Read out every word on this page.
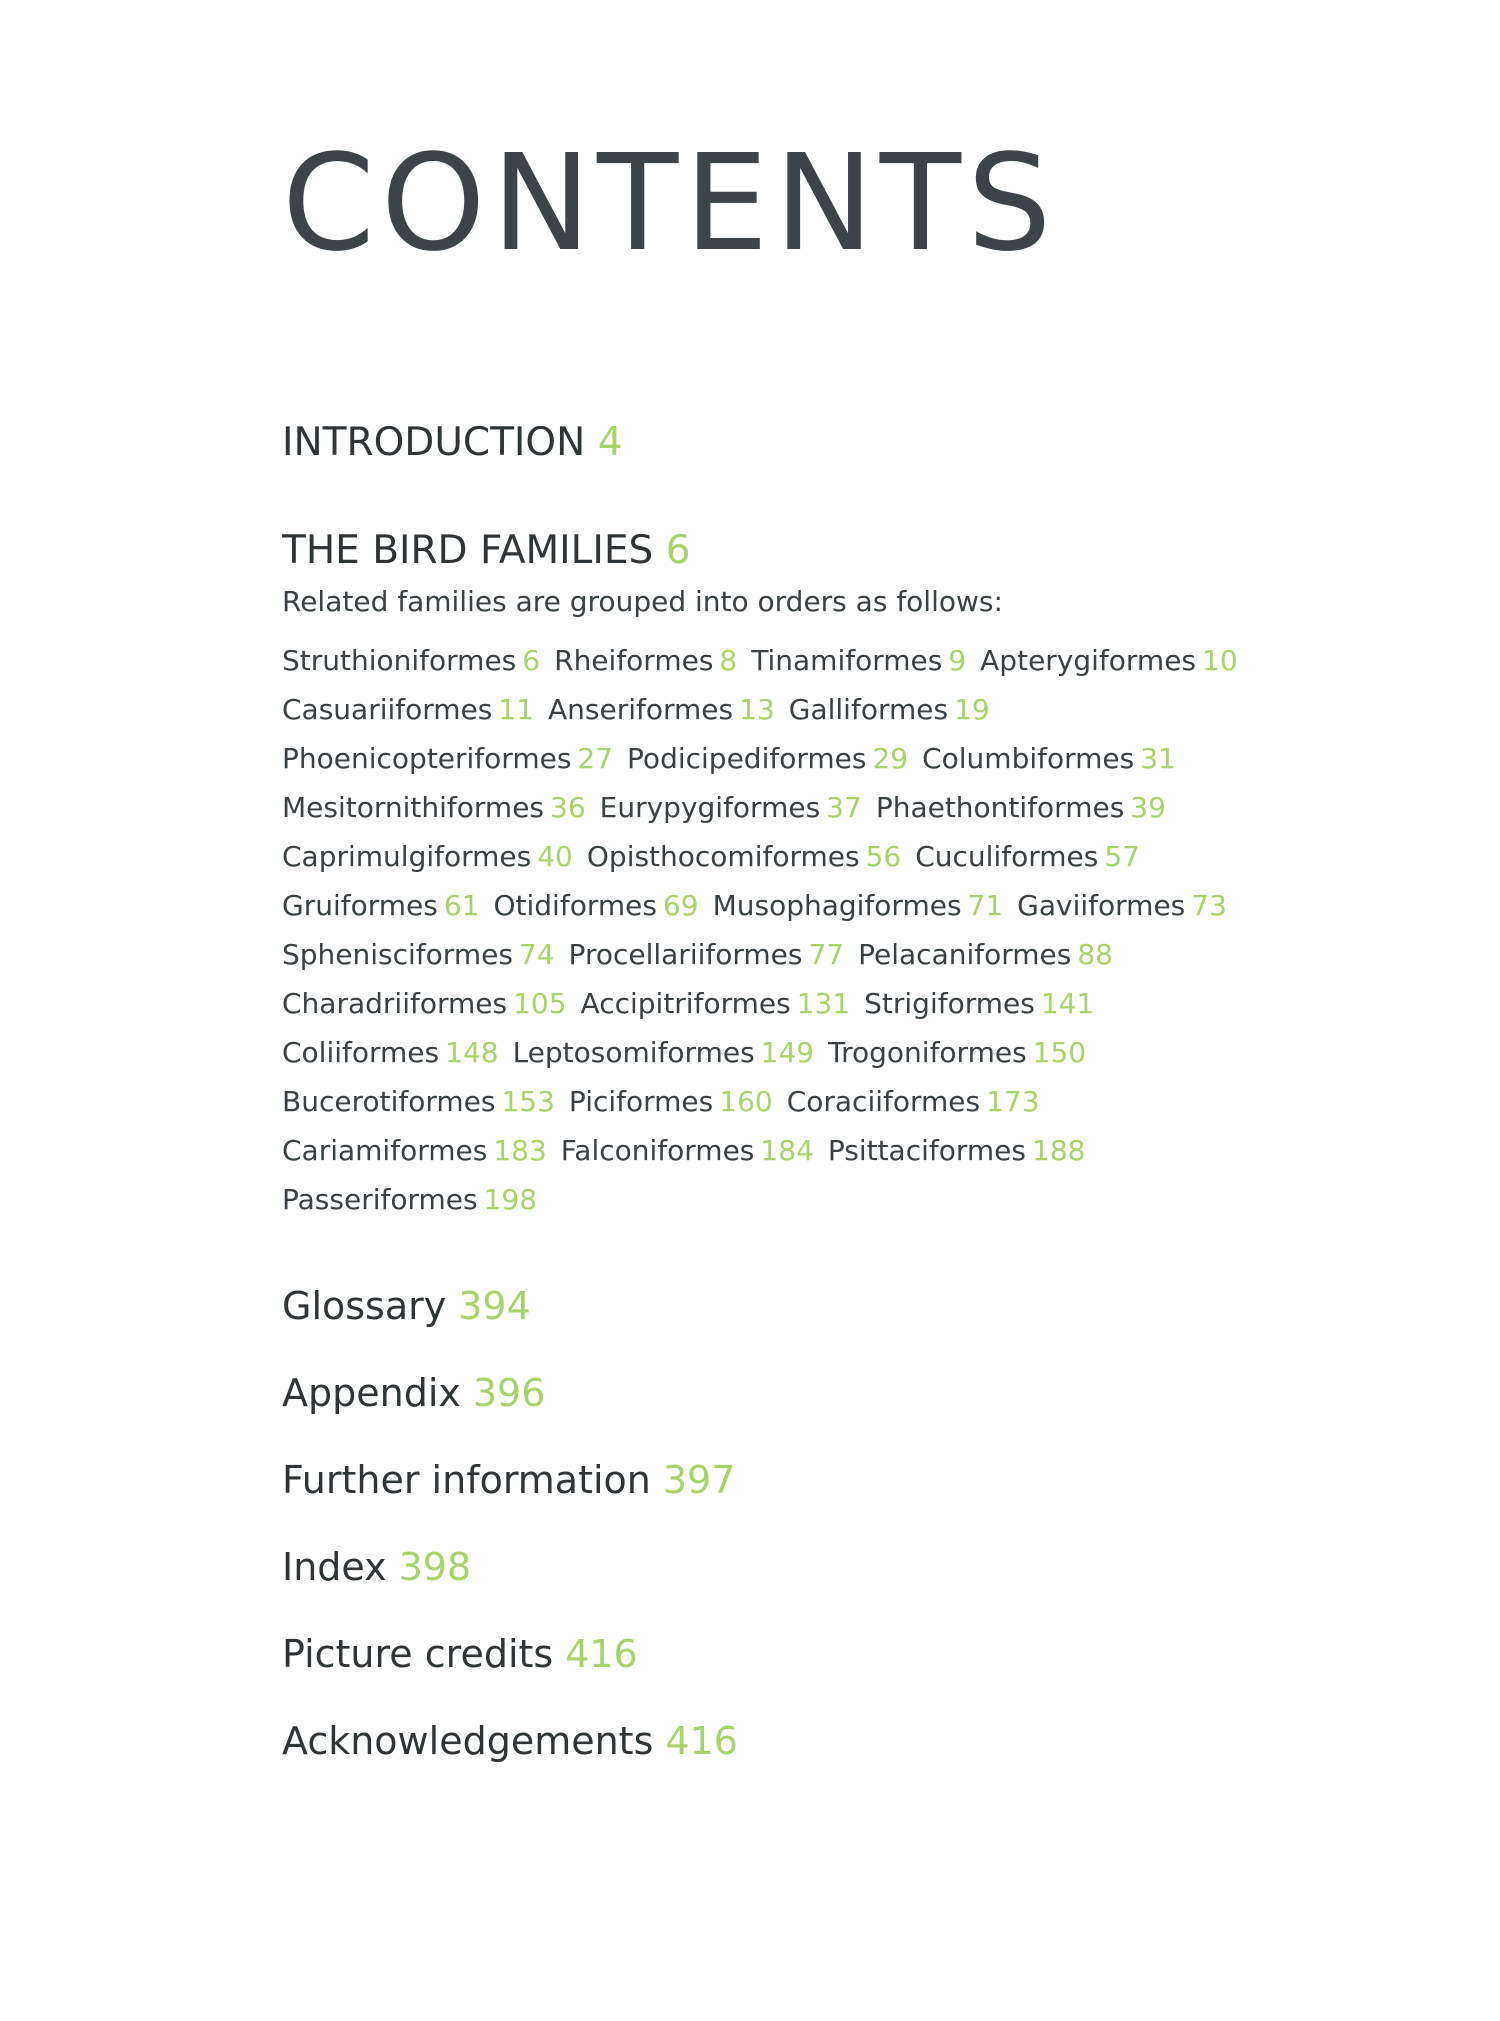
CONTENTS
INTRODUCTION 4
THE BIRD FAMILIES 6
Related families are grouped into orders as follows:
Struthioniformes 6 Rheiformes 8 Tinamiformes 9 Apterygiformes 10
Casuariiformes 11 Anseriformes 13 Galliformes 19
Phoenicopteriformes 27 Podicipediformes 29 Columbiformes 31
Mesitornithiformes 36 Eurypygiformes 37 Phaethontiformes 39
Caprimulgiformes 40 Opisthocomiformes 56 Cuculiformes 57
Gruiformes 61 Otidiformes 69 Musophagiformes 71 Gaviiformes 73
Sphenisciformes 74 Procellariiformes 77 Pelacaniformes 88
Charadriiformes 105 Accipitriformes 131 Strigiformes 141
Coliiformes 148 Leptosomiformes 149 Trogoniformes 150
Bucerotiformes 153 Piciformes 160 Coraciiformes 173
Cariamiformes 183 Falconiformes 184 Psittaciformes 188
Passeriformes 198
Glossary 394
Appendix 396
Further information 397
Index 398
Picture credits 416
Acknowledgements 416
